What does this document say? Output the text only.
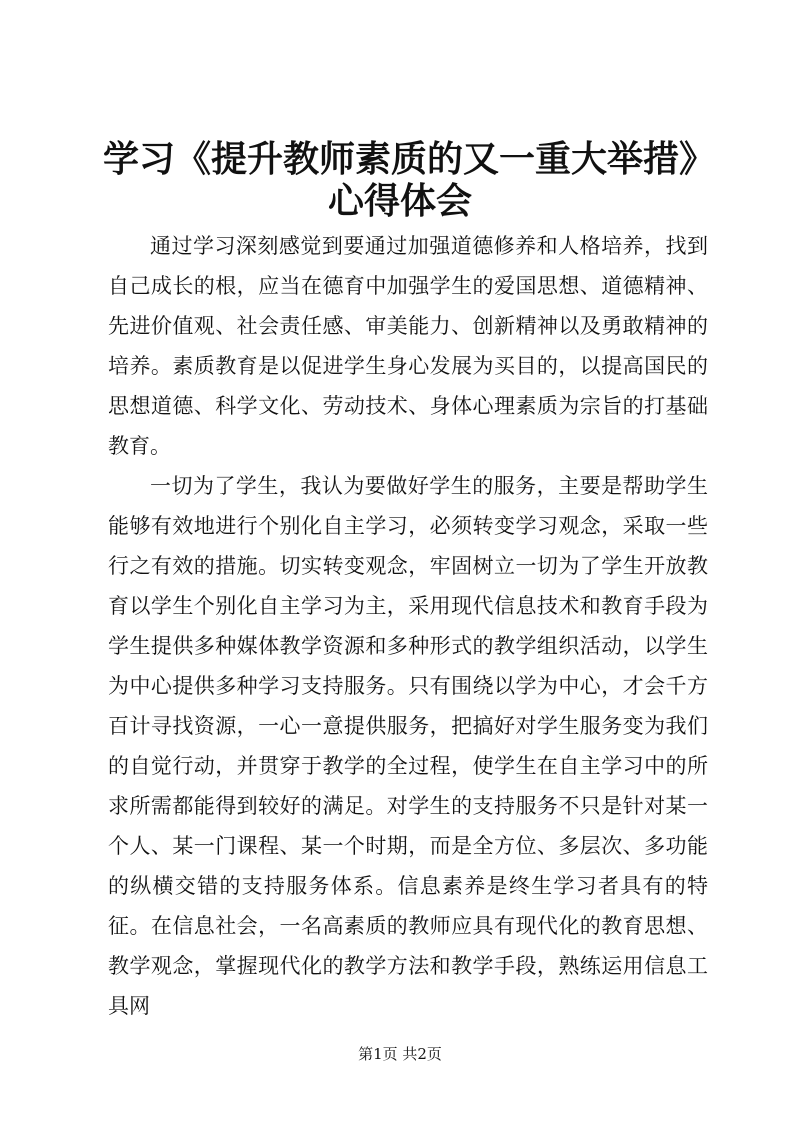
学习《提升教师素质的又一重大举措》心得体会

通过学习深刻感觉到要通过加强道德修养和人格培养，找到自己成长的根，应当在德育中加强学生的爱国思想、道德精神、先进价值观、社会责任感、审美能力、创新精神以及勇敢精神的培养。素质教育是以促进学生身心发展为买目的，以提高国民的思想道德、科学文化、劳动技术、身体心理素质为宗旨的打基础教育。

一切为了学生，我认为要做好学生的服务，主要是帮助学生能够有效地进行个别化自主学习，必须转变学习观念，采取一些行之有效的措施。切实转变观念，牢固树立一切为了学生开放教育以学生个别化自主学习为主，采用现代信息技术和教育手段为学生提供多种媒体教学资源和多种形式的教学组织活动，以学生为中心提供多种学习支持服务。只有围绕以学为中心，才会千方百计寻找资源，一心一意提供服务，把搞好对学生服务变为我们的自觉行动，并贯穿于教学的全过程，使学生在自主学习中的所求所需都能得到较好的满足。对学生的支持服务不只是针对某一个人、某一门课程、某一个时期，而是全方位、多层次、多功能的纵横交错的支持服务体系。信息素养是终生学习者具有的特征。在信息社会，一名高素质的教师应具有现代化的教育思想、教学观念，掌握现代化的教学方法和教学手段，熟练运用信息工具网

第1页 共2页
